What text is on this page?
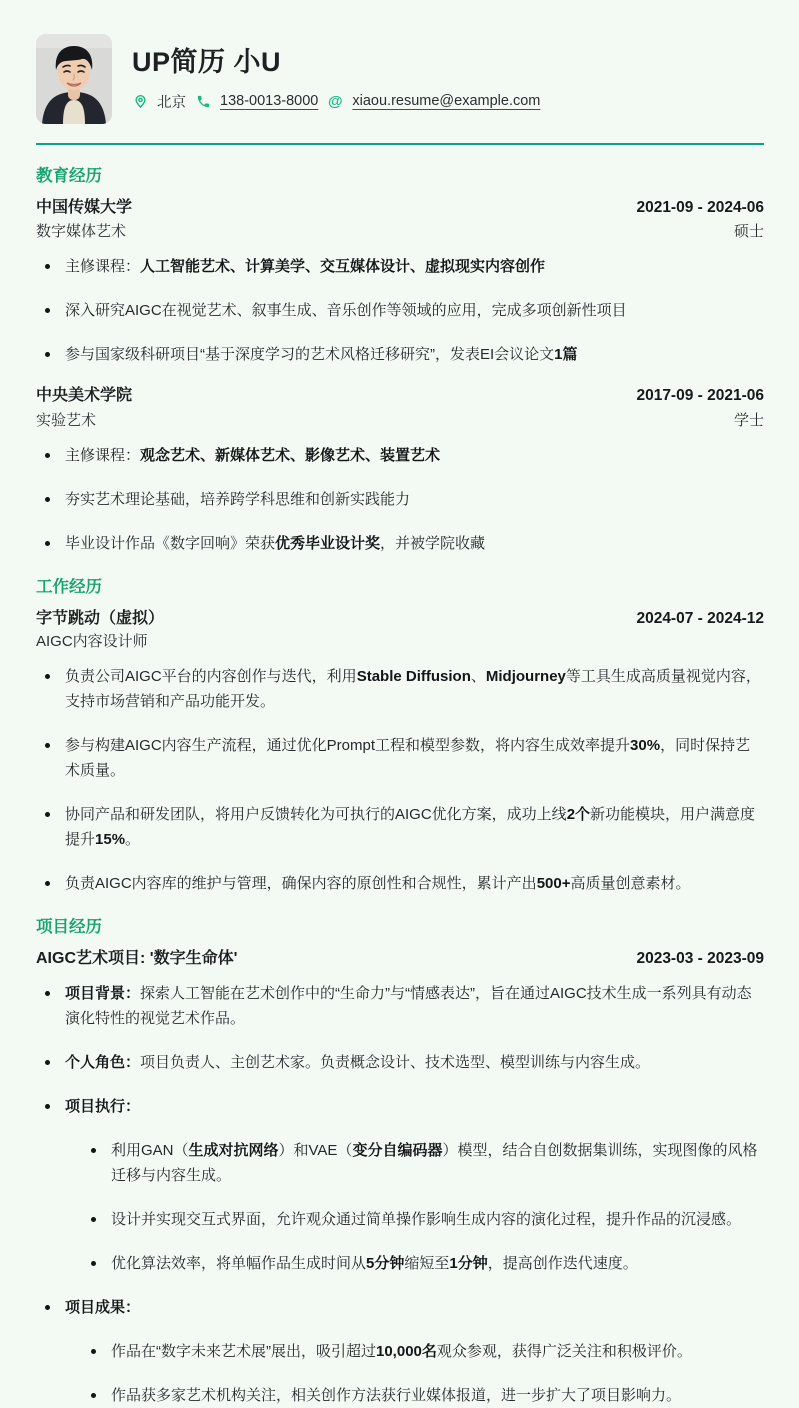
UP简历 小U
北京 138-0013-8000 @ xiaou.resume@example.com
教育经历
中国传媒大学	2021-09 - 2024-06
数字媒体艺术	硕士
主修课程：人工智能艺术、计算美学、交互媒体设计、虚拟现实内容创作
深入研究AIGC在视觉艺术、叙事生成、音乐创作等领域的应用，完成多项创新性项目
参与国家级科研项目“基于深度学习的艺术风格迁移研究”，发表EI会议论文1篇
中央美术学院	2017-09 - 2021-06
实验艺术	学士
主修课程：观念艺术、新媒体艺术、影像艺术、装置艺术
夯实艺术理论基础，培养跨学科思维和创新实践能力
毕业设计作品《数字回响》荣获优秀毕业设计奖，并被学院收藏
工作经历
字节跳动（虚拟）	2024-07 - 2024-12
AIGC内容设计师
负责公司AIGC平台的内容创作与迭代，利用Stable Diffusion、Midjourney等工具生成高质量视觉内容，支持市场营销和产品功能开发。
参与构建AIGC内容生产流程，通过优化Prompt工程和模型参数，将内容生成效率提升30%，同时保持艺术质量。
协同产品和研发团队，将用户反馈转化为可执行的AIGC优化方案，成功上线2个新功能模块，用户满意度提升15%。
负责AIGC内容库的维护与管理，确保内容的原创性和合规性，累计产出500+高质量创意素材。
项目经历
AIGC艺术项目: '数字生命体'	2023-03 - 2023-09
项目背景：探索人工智能在艺术创作中的“生命力”与“情感表达”，旨在通过AIGC技术生成一系列具有动态演化特性的视觉艺术作品。
个人角色：项目负责人、主创艺术家。负责概念设计、技术选型、模型训练与内容生成。
项目执行：
利用GAN（生成对抗网络）和VAE（变分自编码器）模型，结合自创数据集训练，实现图像的风格迁移与内容生成。
设计并实现交互式界面，允许观众通过简单操作影响生成内容的演化过程，提升作品的沉浸感。
优化算法效率，将单幅作品生成时间从5分钟缩短至1分钟，提高创作迭代速度。
项目成果：
作品在“数字未来艺术展”展出，吸引超过10,000名观众参观，获得广泛关注和积极评价。
作品获多家艺术机构关注，相关创作方法获行业媒体报道，进一步扩大了项目影响力。
